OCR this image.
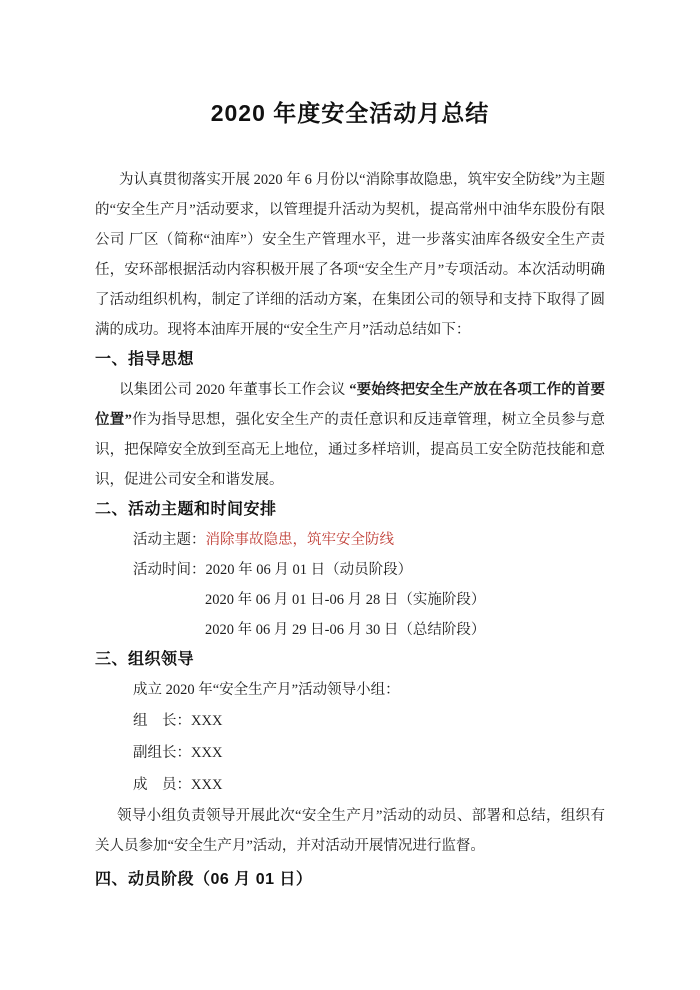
2020 年度安全活动月总结

为认真贯彻落实开展 2020 年 6 月份以“消除事故隐患，筑牢安全防线”为主题的“安全生产月”活动要求，以管理提升活动为契机，提高常州中油华东股份有限公司 厂区（简称“油库”）安全生产管理水平，进一步落实油库各级安全生产责任，安环部根据活动内容积极开展了各项“安全生产月”专项活动。本次活动明确了活动组织机构，制定了详细的活动方案，在集团公司的领导和支持下取得了圆满的成功。现将本油库开展的“安全生产月”活动总结如下：

一、指导思想

以集团公司 2020 年董事长工作会议 “要始终把安全生产放在各项工作的首要位置”作为指导思想，强化安全生产的责任意识和反违章管理，树立全员参与意识，把保障安全放到至高无上地位，通过多样培训，提高员工安全防范技能和意识，促进公司安全和谐发展。

二、活动主题和时间安排

活动主题：消除事故隐患，筑牢安全防线

活动时间：2020 年 06 月 01 日（动员阶段）

2020 年 06 月 01 日-06 月 28 日（实施阶段）

2020 年 06 月 29 日-06 月 30 日（总结阶段）

三、组织领导

成立 2020 年“安全生产月”活动领导小组：

组　长：XXX

副组长：XXX

成　员：XXX

领导小组负责领导开展此次“安全生产月”活动的动员、部署和总结，组织有关人员参加“安全生产月”活动，并对活动开展情况进行监督。

四、动员阶段（06 月 01 日）
